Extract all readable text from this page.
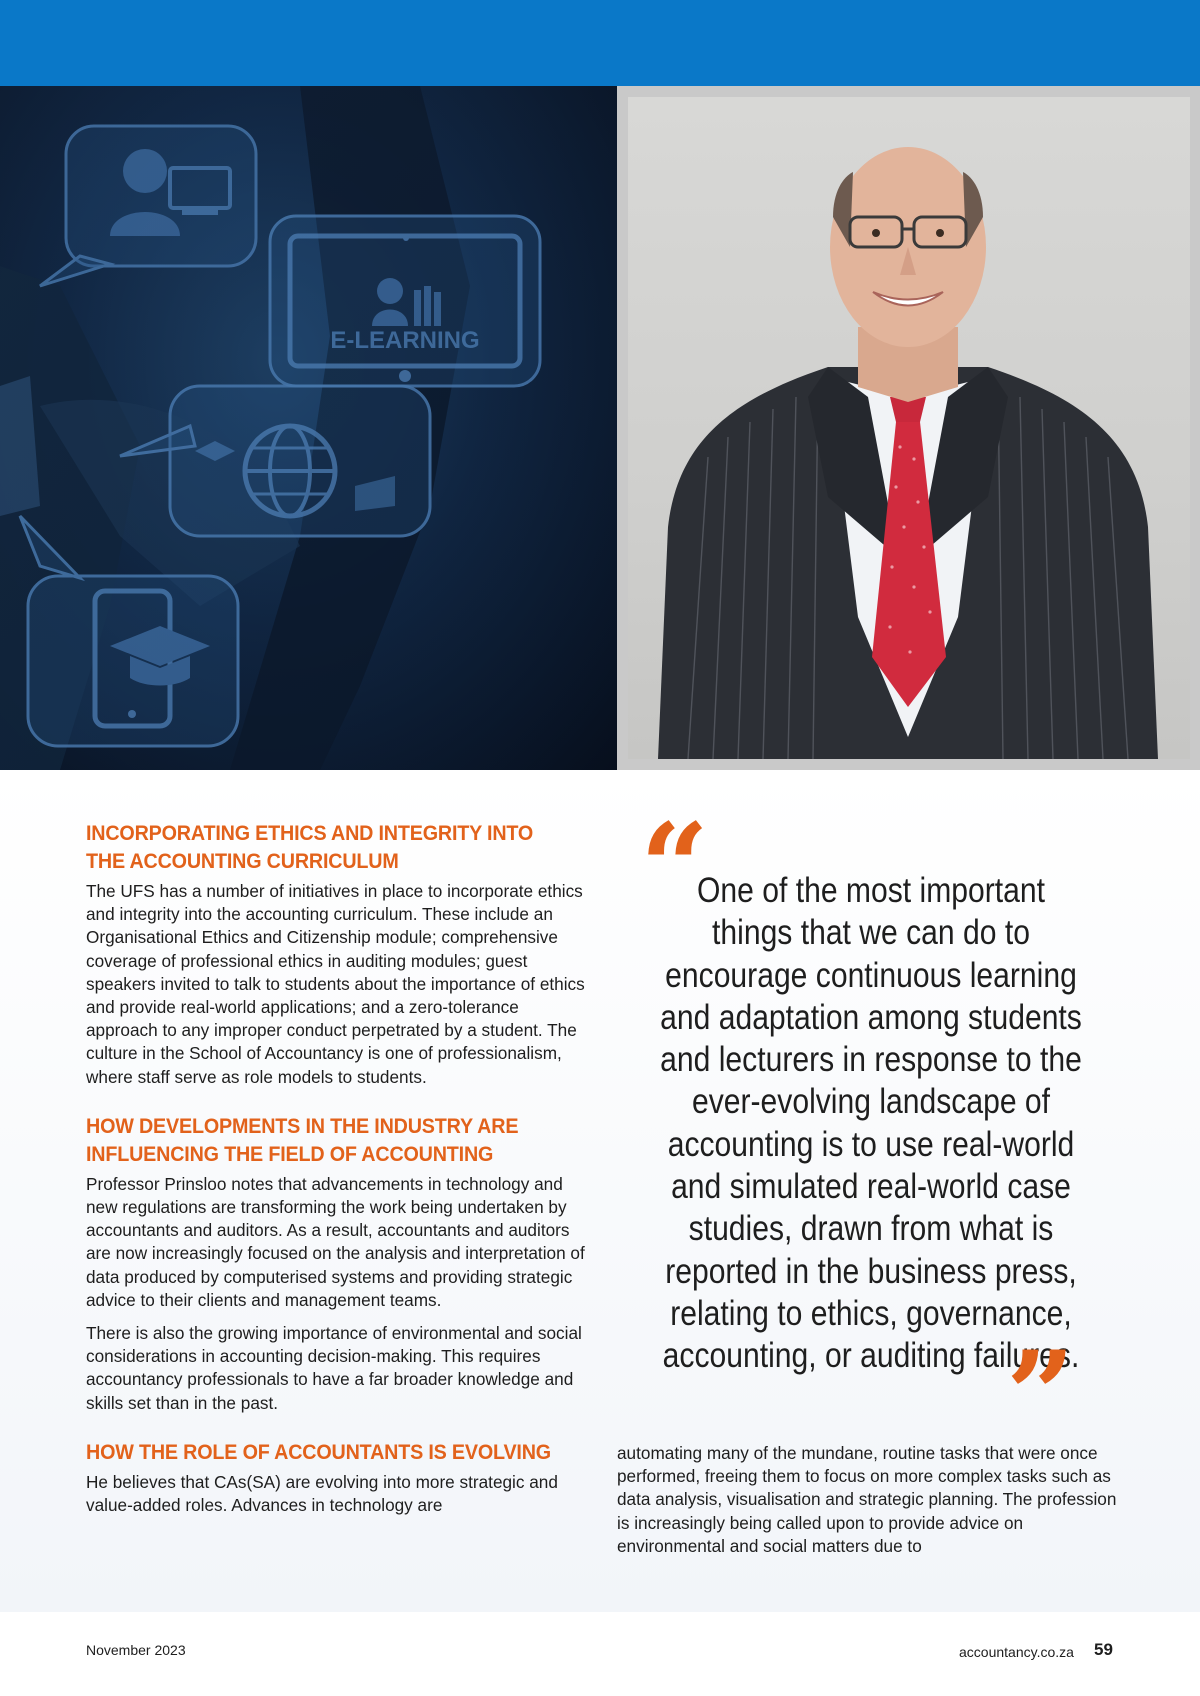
E-LEARNING
INCORPORATING ETHICS AND INTEGRITY INTO
THE ACCOUNTING CURRICULUM

The UFS has a number of initiatives in place to incorporate ethics and integrity into the accounting curriculum. These include an Organisational Ethics and Citizenship module; comprehensive coverage of professional ethics in auditing modules; guest speakers invited to talk to students about the importance of ethics and provide real-world applications; and a zero-tolerance approach to any improper conduct perpetrated by a student. The culture in the School of Accountancy is one of professionalism, where staff serve as role models to students.

HOW DEVELOPMENTS IN THE INDUSTRY ARE
INFLUENCING THE FIELD OF ACCOUNTING

Professor Prinsloo notes that advancements in technology and new regulations are transforming the work being undertaken by accountants and auditors. As a result, accountants and auditors are now increasingly focused on the analysis and interpretation of data produced by computerised systems and providing strategic advice to their clients and management teams.

There is also the growing importance of environmental and social considerations in accounting decision-making. This requires accountancy professionals to have a far broader knowledge and skills set than in the past.

HOW THE ROLE OF ACCOUNTANTS IS EVOLVING

He believes that CAs(SA) are evolving into more strategic and value-added roles. Advances in technology are

“
One of the most important things that we can do to encourage continuous learning and adaptation among students and lecturers in response to the ever-evolving landscape of accounting is to use real-world and simulated real-world case studies, drawn from what is reported in the business press, relating to ethics, governance, accounting, or auditing failures.
”

automating many of the mundane, routine tasks that were once performed, freeing them to focus on more complex tasks such as data analysis, visualisation and strategic planning. The profession is increasingly being called upon to provide advice on environmental and social matters due to

November 2023	accountancy.co.za 59
